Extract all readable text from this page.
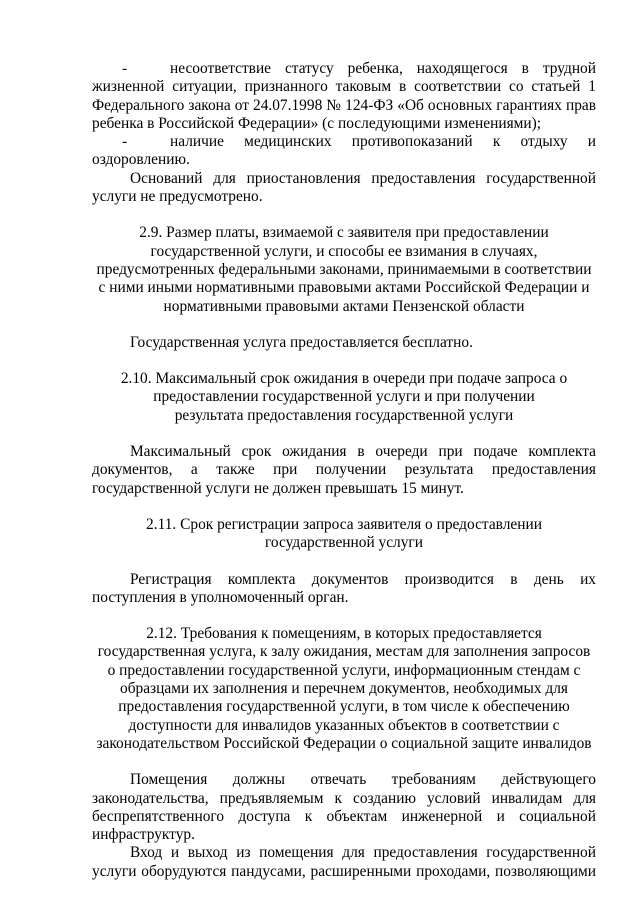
-	несоответствие статусу ребенка, находящегося в трудной

жизненной ситуации, признанного таковым в соответствии со статьей 1 Федерального закона от 24.07.1998 № 124-ФЗ «Об основных гарантиях прав ребенка в Российской Федерации» (с последующими изменениями);

-	наличие медицинских противопоказаний к отдыху и

оздоровлению.

Оснований для приостановления предоставления государственной услуги не предусмотрено.

2.9. Размер платы, взимаемой с заявителя при предоставлении государственной услуги, и способы ее взимания в случаях, предусмотренных федеральными законами, принимаемыми в соответствии с ними иными нормативными правовыми актами Российской Федерации и нормативными правовыми актами Пензенской области

Государственная услуга предоставляется бесплатно.

2.10. Максимальный срок ожидания в очереди при подаче запроса о предоставлении государственной услуги и при получении результата предоставления государственной услуги

Максимальный срок ожидания в очереди при подаче комплекта документов, а также при получении результата предоставления государственной услуги не должен превышать 15 минут.

2.11. Срок регистрации запроса заявителя о предоставлении государственной услуги

Регистрация комплекта документов производится в день их поступления в уполномоченный орган.

2.12. Требования к помещениям, в которых предоставляется государственная услуга, к залу ожидания, местам для заполнения запросов о предоставлении государственной услуги, информационным стендам с образцами их заполнения и перечнем документов, необходимых для предоставления государственной услуги, в том числе к обеспечению доступности для инвалидов указанных объектов в соответствии с законодательством Российской Федерации о социальной защите инвалидов

Помещения должны отвечать требованиям действующего законодательства, предъявляемым к созданию условий инвалидам для беспрепятственного доступа к объектам инженерной и социальной инфраструктур.

Вход и выход из помещения для предоставления государственной услуги оборудуются пандусами, расширенными проходами, позволяющими
